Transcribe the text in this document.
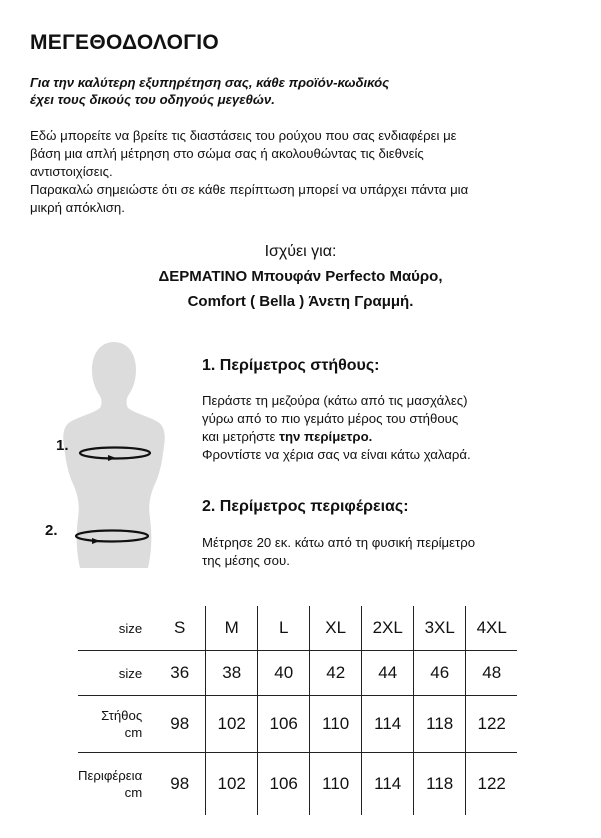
ΜΕΓΕΘΟΔΟΛΟΓΙΟ
Για την καλύτερη εξυπηρέτηση σας, κάθε προϊόν-κωδικός
έχει τους δικούς του οδηγούς μεγεθών.
Εδώ μπορείτε να βρείτε τις διαστάσεις του ρούχου που σας ενδιαφέρει με
βάση μια απλή μέτρηση στο σώμα σας ή ακολουθώντας τις διεθνείς
αντιστοιχίσεις.
Παρακαλώ σημειώστε ότι σε κάθε περίπτωση μπορεί να υπάρχει πάντα μια
μικρή απόκλιση.
Ισχύει για:
ΔΕΡΜΑΤΙΝΟ Μπουφάν Perfecto Μαύρο,
Comfort ( Bella ) Άνετη Γραμμή.
1.
2.
1. Περίμετρος στήθους:
Περάστε τη μεζούρα (κάτω από τις μασχάλες)
γύρω από το πιο γεμάτο μέρος του στήθους
και μετρήστε την περίμετρο.
Φροντίστε να χέρια σας να είναι κάτω χαλαρά.
2. Περίμετρος περιφέρειας:
Μέτρησε 20 εκ. κάτω από τη φυσική περίμετρο
της μέσης σου.
size		S	M	L	XL	2XL	3XL	4XL
size		36	38	40	42	44	46	48
Στήθος
cm		98	102	106	110	114	118	122
Περιφέρεια
cm		98	102	106	110	114	118	122
